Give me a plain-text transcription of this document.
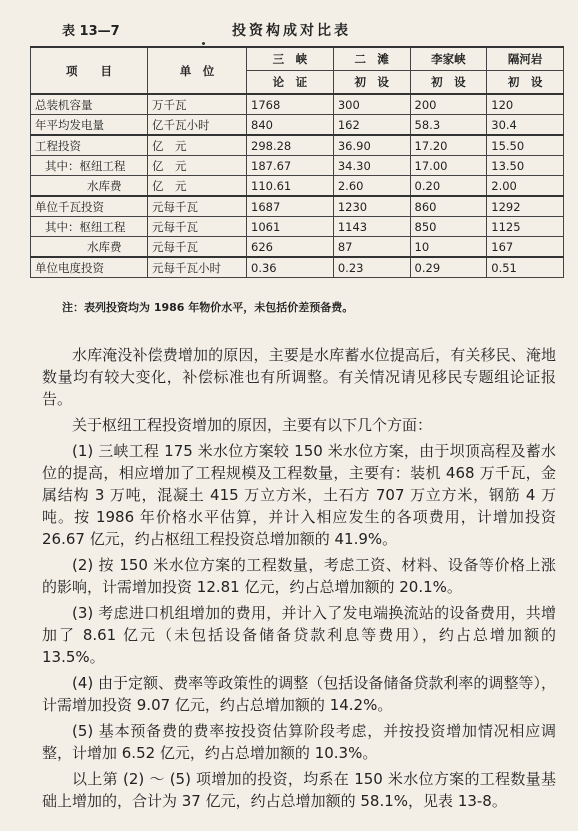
表 13—7	投资构成对比表
项　　目	单　位	三　峡	二　滩	李家峡	隔河岩
		论　证	初　设	初　设	初　设
总装机容量	万千瓦	1768	300	200	120
年平均发电量	亿千瓦小时	840	162	58.3	30.4
工程投资	亿　元	298.28	36.90	17.20	15.50
其中：枢纽工程	亿　元	187.67	34.30	17.00	13.50
水库费	亿　元	110.61	2.60	0.20	2.00
单位千瓦投资	元每千瓦	1687	1230	860	1292
其中：枢纽工程	元每千瓦	1061	1143	850	1125
水库费	元每千瓦	626	87	10	167
单位电度投资	元每千瓦小时	0.36	0.23	0.29	0.51
注：表列投资均为 1986 年物价水平，未包括价差预备费。

水库淹没补偿费增加的原因，主要是水库蓄水位提高后，有关移民、淹地数量均有较大变化，补偿标准也有所调整。有关情况请见移民专题组论证报告。

关于枢纽工程投资增加的原因，主要有以下几个方面：

(1) 三峡工程 175 米水位方案较 150 米水位方案，由于坝顶高程及蓄水位的提高，相应增加了工程规模及工程数量，主要有：装机 468 万千瓦，金属结构 3 万吨，混凝土 415 万立方米，土石方 707 万立方米，钢筋 4 万吨。按 1986 年价格水平估算，并计入相应发生的各项费用，计增加投资 26.67 亿元，约占枢纽工程投资总增加额的 41.9%。

(2) 按 150 米水位方案的工程数量，考虑工资、材料、设备等价格上涨的影响，计需增加投资 12.81 亿元，约占总增加额的 20.1%。

(3) 考虑进口机组增加的费用，并计入了发电端换流站的设备费用，共增加了 8.61 亿元（未包括设备储备贷款利息等费用），约占总增加额的 13.5%。

(4) 由于定额、费率等政策性的调整（包括设备储备贷款利率的调整等），计需增加投资 9.07 亿元，约占总增加额的 14.2%。

(5) 基本预备费的费率按投资估算阶段考虑，并按投资增加情况相应调整，计增加 6.52 亿元，约占总增加额的 10.3%。

以上第 (2) ～ (5) 项增加的投资，均系在 150 米水位方案的工程数量基础上增加的，合计为 37 亿元，约占总增加额的 58.1%，见表 13-8。
